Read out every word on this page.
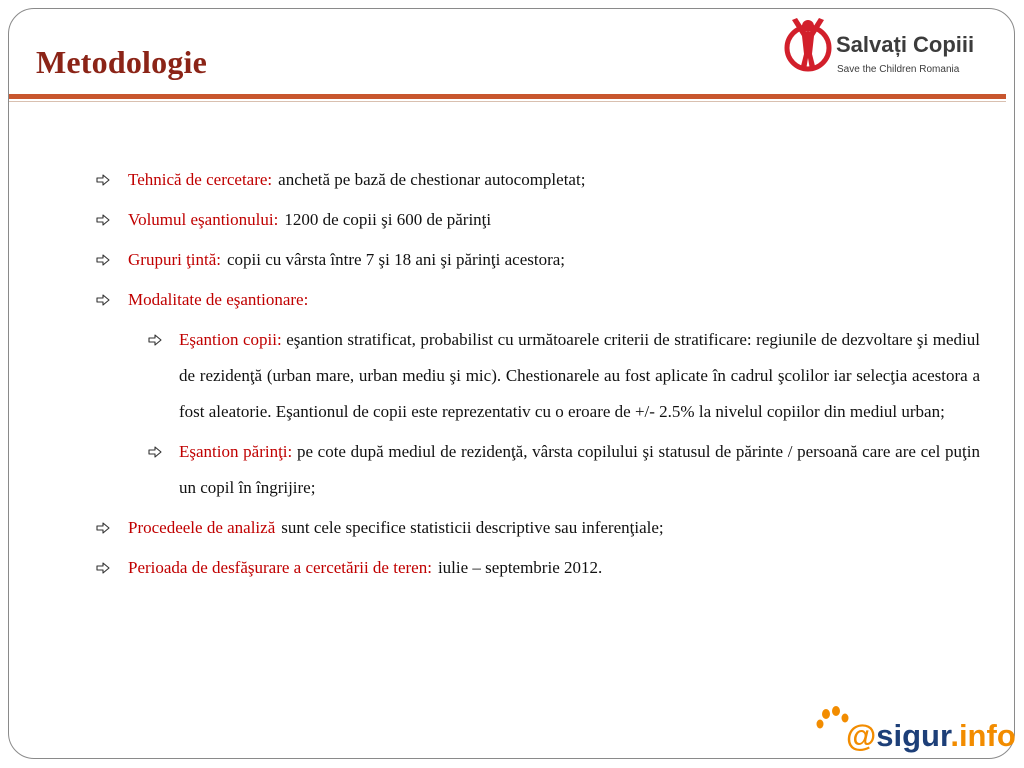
Metodologie	Salvați Copiii
Save the Children Romania
Tehnică de cercetare: anchetă pe bază de chestionar autocompletat;
Volumul eşantionului: 1200 de copii şi 600 de părinţi
Grupuri ţintă: copii cu vârsta între 7 şi 18 ani şi părinţi acestora;
Modalitate de eşantionare:
Eşantion copii: eşantion stratificat, probabilist cu următoarele criterii de stratificare: regiunile de dezvoltare şi mediul de rezidenţă (urban mare, urban mediu şi mic). Chestionarele au fost aplicate în cadrul şcolilor iar selecţia acestora a fost aleatorie. Eşantionul de copii este reprezentativ cu o eroare de +/- 2.5% la nivelul copiilor din mediul urban;
Eşantion părinţi: pe cote după mediul de rezidenţă, vârsta copilului şi statusul de părinte / persoană care are cel puţin un copil în îngrijire;
Procedeele de analiză sunt cele specifice statisticii descriptive sau inferenţiale;
Perioada de desfăşurare a cercetării de teren: iulie – septembrie 2012.
@sigur.info
